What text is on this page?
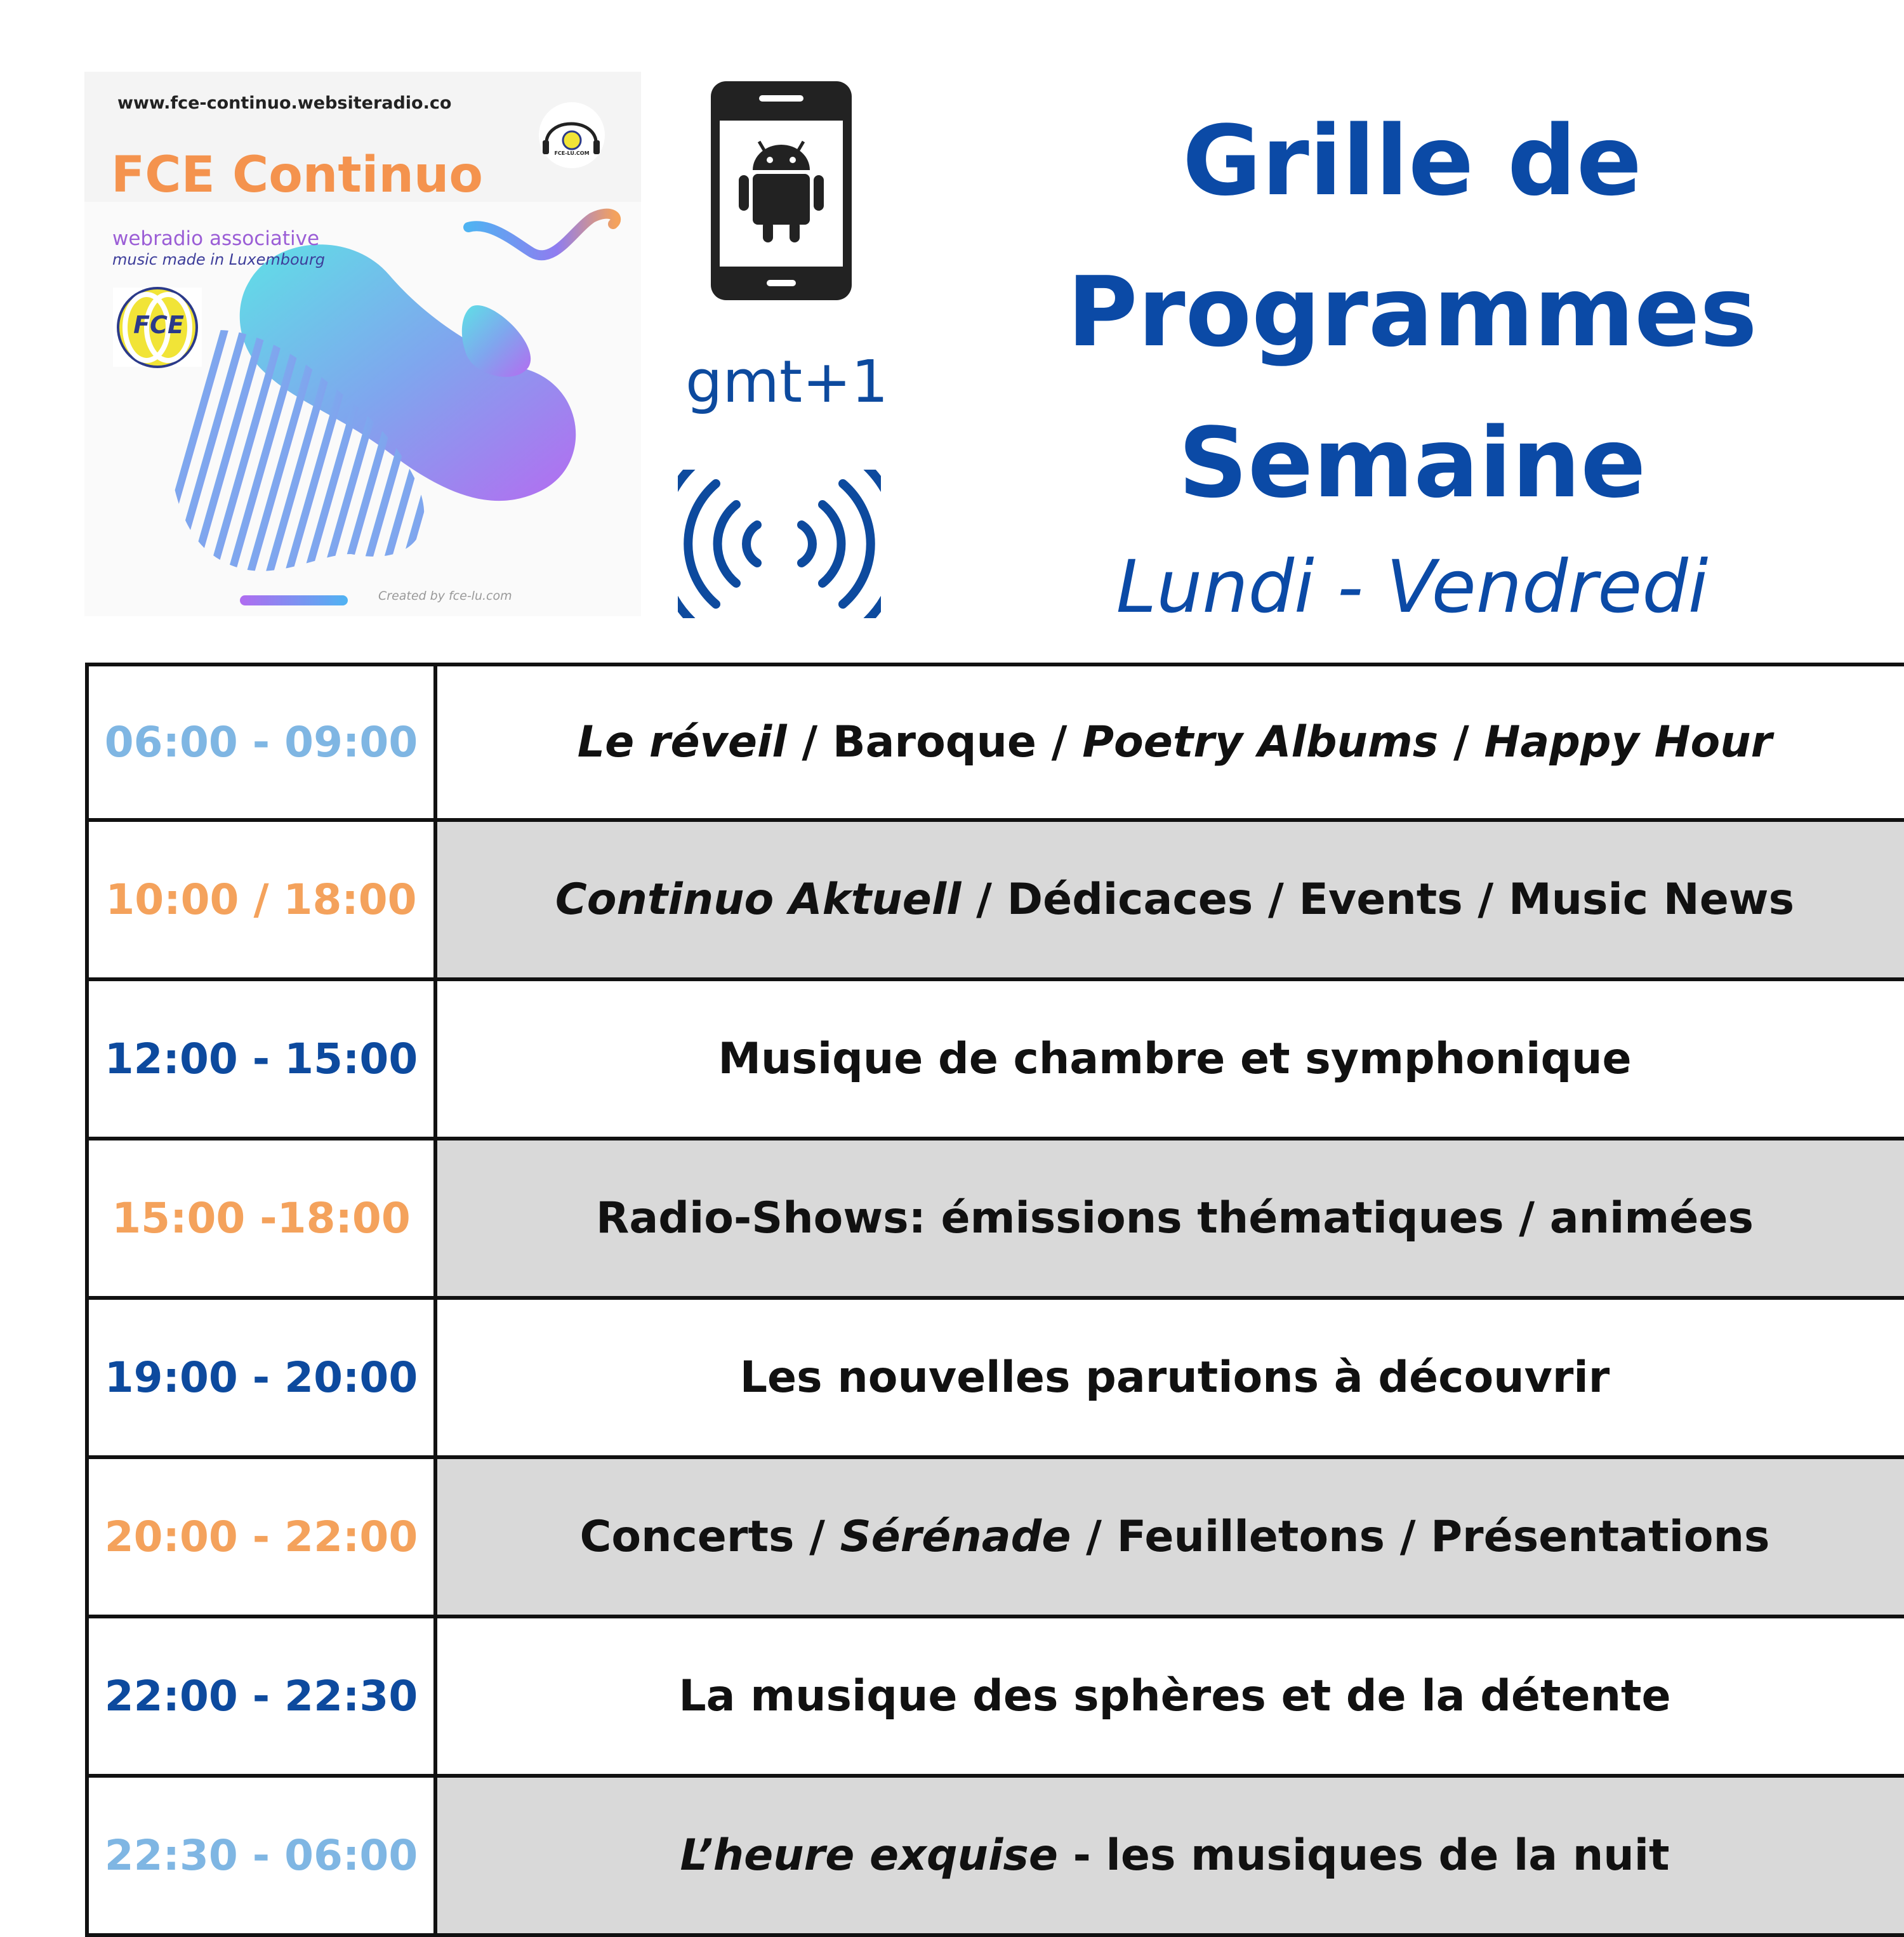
www.fce-continuo.websiteradio.co
FCE Continuo
webradio associative
music made in Luxembourg
FCE
FCE-LU.COM
Created by fce-lu.com
gmt+1
Grille de
Programmes
Semaine
Lundi - Vendredi
06:00 - 09:00	Le réveil / Baroque / Poetry Albums / Happy Hour
10:00 / 18:00	Continuo Aktuell / Dédicaces / Events / Music News
12:00 - 15:00	Musique de chambre et symphonique
15:00 -18:00	Radio-Shows: émissions thématiques / animées
19:00 - 20:00	Les nouvelles parutions à découvrir
20:00 - 22:00	Concerts / Sérénade / Feuilletons / Présentations
22:00 - 22:30	La musique des sphères et de la détente
22:30 - 06:00	L’heure exquise - les musiques de la nuit
